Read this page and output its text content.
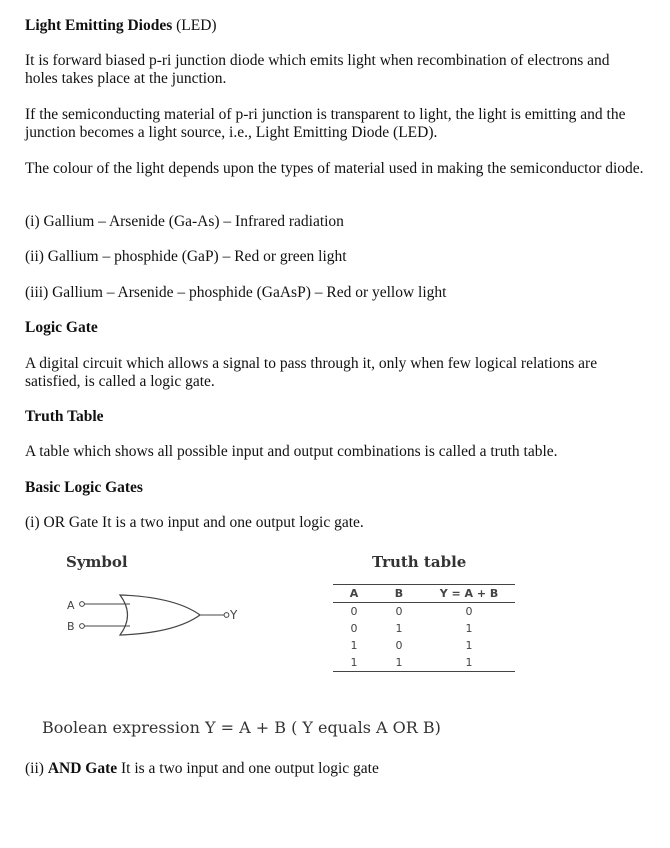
Light Emitting Diodes (LED)

It is forward biased p-ri junction diode which emits light when recombination of electrons and holes takes place at the junction.

If the semiconducting material of p-ri junction is transparent to light, the light is emitting and the junction becomes a light source, i.e., Light Emitting Diode (LED).

The colour of the light depends upon the types of material used in making the semiconductor diode.

(i) Gallium – Arsenide (Ga-As) – Infrared radiation

(ii) Gallium – phosphide (GaP) – Red or green light

(iii) Gallium – Arsenide – phosphide (GaAsP) – Red or yellow light

Logic Gate

A digital circuit which allows a signal to pass through it, only when few logical relations are satisfied, is called a logic gate.

Truth Table

A table which shows all possible input and output combinations is called a truth table.

Basic Logic Gates

(i) OR Gate It is a two input and one output logic gate.

Symbol	Truth table
A
B
Y
A	B	Y = A + B
0	0	0
0	1	1
1	0	1
1	1	1
Boolean expression Y = A + B ( Y equals A OR B)

(ii) AND Gate It is a two input and one output logic gate
